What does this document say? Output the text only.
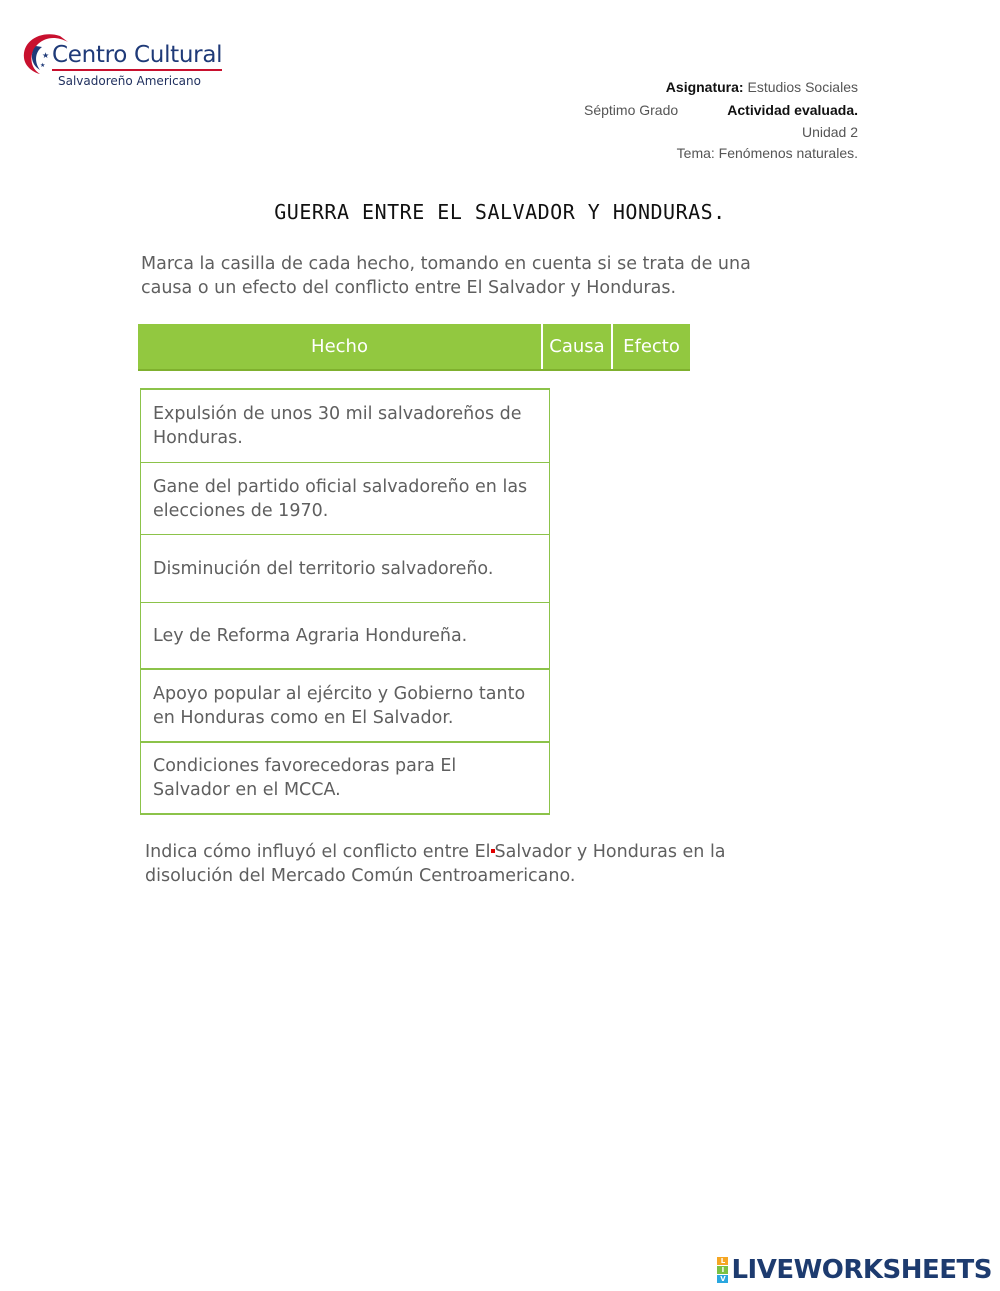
★
★ Centro Cultural
Salvadoreño Americano	Asignatura: Estudios Sociales
Séptimo Grado	Actividad evaluada.
Unidad 2
Tema: Fenómenos naturales.
GUERRA ENTRE EL SALVADOR Y HONDURAS.
Marca la casilla de cada hecho, tomando en cuenta si se trata de una causa o un efecto del conflicto entre El Salvador y Honduras.
Hecho	Causa	Efecto
Expulsión de unos 30 mil salvadoreños de Honduras.
Gane del partido oficial salvadoreño en las elecciones de 1970.
Disminución del territorio salvadoreño.
Ley de Reforma Agraria Hondureña.
Apoyo popular al ejército y Gobierno tanto en Honduras como en El Salvador.
Condiciones favorecedoras para El Salvador en el MCCA.
Indica cómo influyó el conflicto entre El Salvador y Honduras en la disolución del Mercado Común Centroamericano.
L
I
V LIVEWORKSHEETS
